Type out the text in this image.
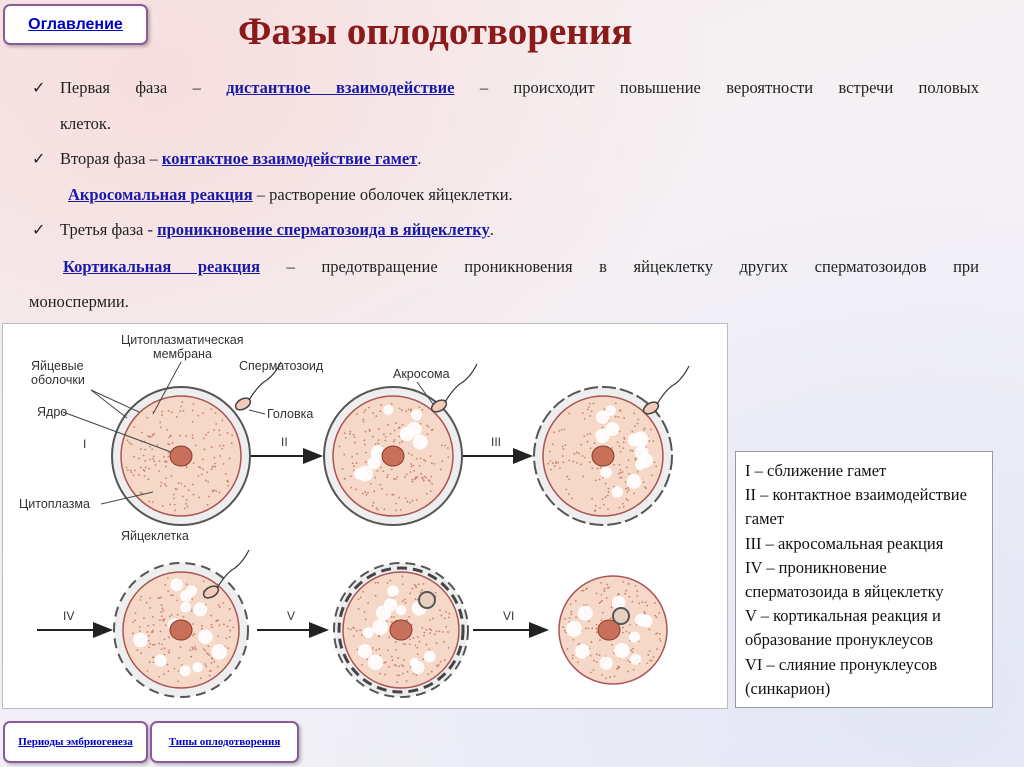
Оглавление	Фазы оплодотворения
✓ Первая фаза – дистантное взаимодействие – происходит повышение вероятности встречи половых
клеток.
✓ Вторая фаза – контактное взаимодействие гамет.
Акросомальная реакция – растворение оболочек яйцеклетки.
✓ Третья фаза - проникновение сперматозоида в яйцеклетку.
Кортикальная реакция – предотвращение проникновения в яйцеклетку других сперматозоидов при
моноспермии.
I	II	III
IV	V	VI
Цитоплазматическая
мембрана
Яйцевые
оболочки
Ядро
Цитоплазма
Яйцеклетка
Сперматозоид
Головка
Акросома
I – сближение гамет
II – контактное взаимодействие гамет
III – акросомальная реакция
IV – проникновение сперматозоида в яйцеклетку
V – кортикальная реакция и образование пронуклеусов
VI – слияние пронуклеусов (синкарион)
Периоды эмбриогенеза	Типы оплодотворения
